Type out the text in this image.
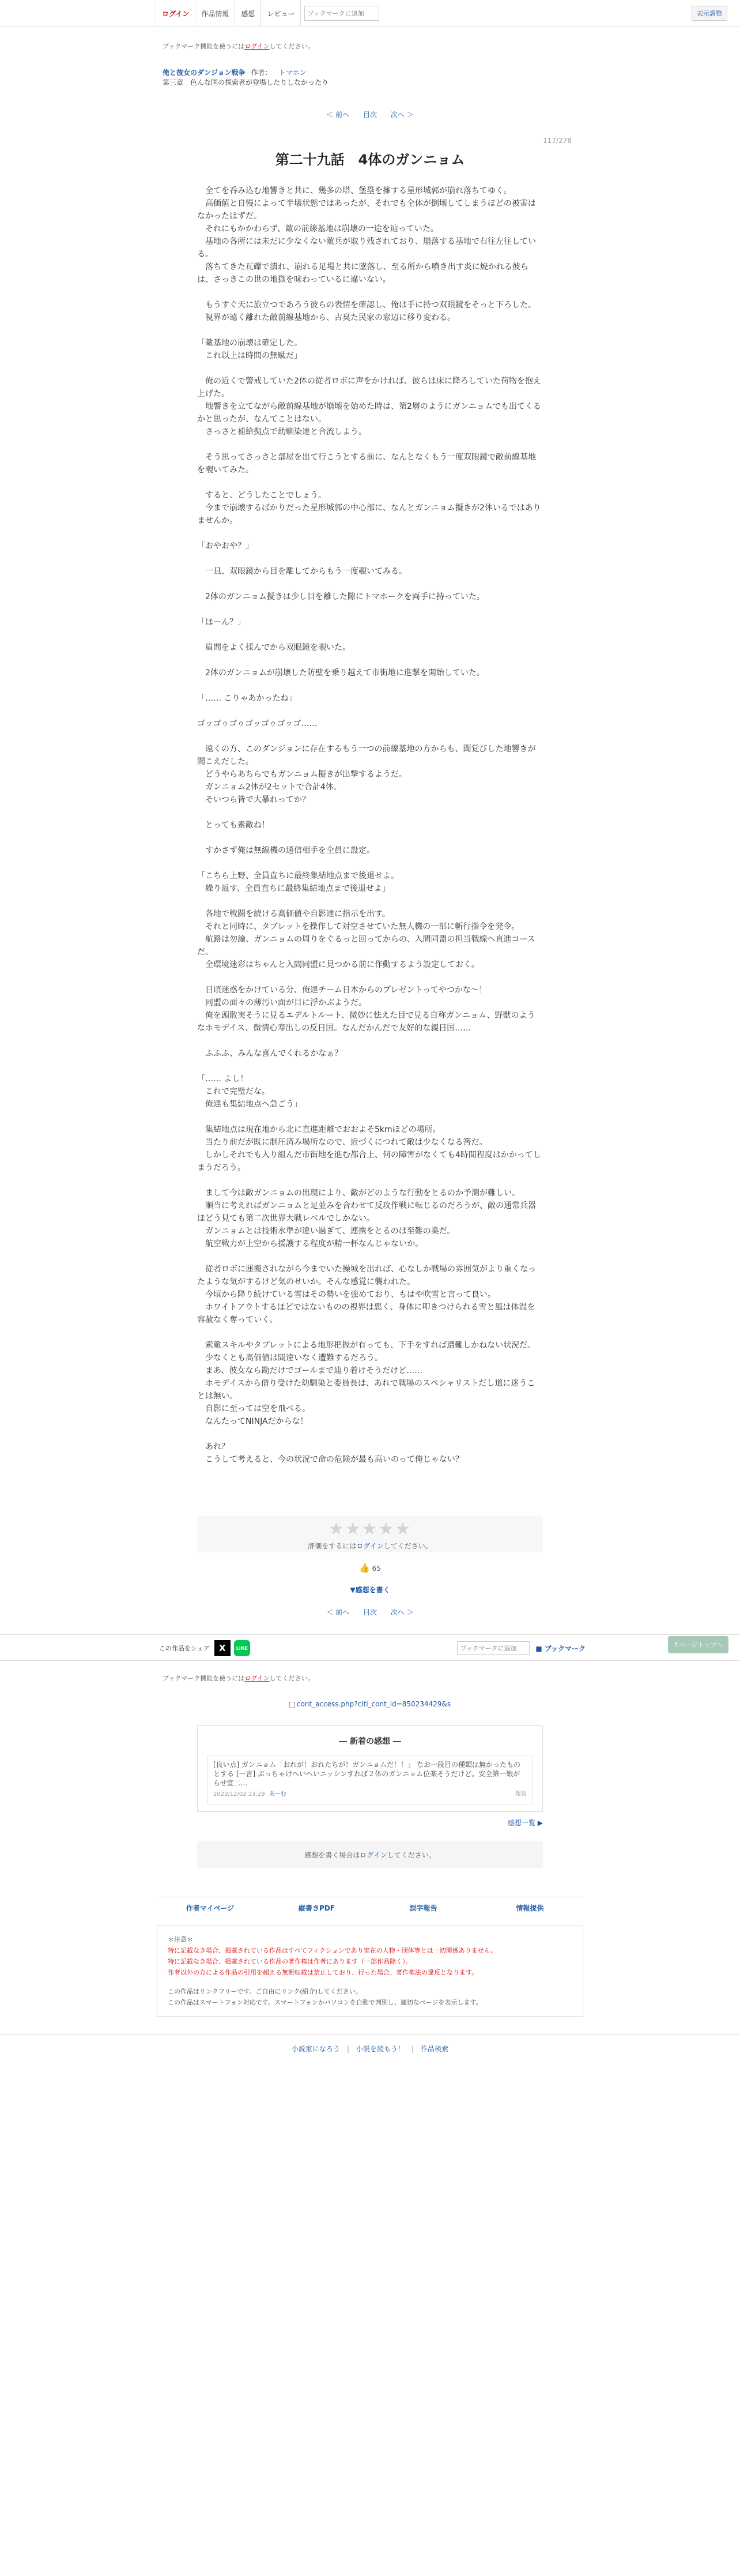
ログイン	作品情報	感想	レビュー
ブックマークに追加	表示調整
ブックマーク機能を使うにはログインしてください。
俺と彼女のダンジョン戦争 作者： トマホン
第三章　色んな国の探索者が登場したりしなかったり
＜ 前へ 目次 次へ ＞
117/278
第二十九話　4体のガンニョム

　全てを呑み込む地響きと共に、幾多の塔、堡塁を擁する星形城郭が崩れ落ちてゆく。

　高価値と自慢によって半壊状態ではあったが、それでも全体が倒壊してしまうほどの被害はなかったはずだ。

　それにもかかわらず、敵の前線基地は崩壊の一途を辿っていた。

　基地の各所には未だに少なくない敵兵が取り残されており、崩落する基地で右往左往している。

　落ちてきた瓦礫で潰れ、崩れる足場と共に墜落し、至る所から噴き出す炎に焼かれる彼らは、さっきこの世の地獄を味わっているに違いない。

　もうすぐ天に旅立つであろう彼らの表情を確認し、俺は手に持つ双眼鏡をそっと下ろした。

　視界が遠く離れた敵前線基地から、古臭た民家の窓辺に移り変わる。

「敵基地の崩壊は確定した。

　これ以上は時間の無駄だ」

　俺の近くで警戒していた2体の従者ロボに声をかければ、彼らは床に降ろしていた荷物を抱え上げた。

　地響きを立てながら敵前線基地が崩壊を始めた時は、第2層のようにガンニョムでも出てくるかと思ったが、なんてことはない。

　さっさと補給拠点で幼馴染達と合流しよう。

　そう思ってさっさと部屋を出て行こうとする前に、なんとなくもう一度双眼鏡で敵前線基地を覗いてみた。

　すると、どうしたことでしょう。

　今まで崩壊するばかりだった星形城郭の中心部に、なんとガンニョム擬きが2体いるではありませんか。

「おやおや？」

　一旦、双眼鏡から目を離してからもう一度覗いてみる。

　2体のガンニョム擬きは少し目を離した隙にトマホークを両手に持っていた。

「ほーん？」

　眉間をよく揉んでから双眼鏡を覗いた。

　2体のガンニョムが崩壊した防壁を乗り越えて市街地に進撃を開始していた。

「…… こりゃあかったね」

ゴッゴゥゴゥゴッゴゥゴッゴ……

　遠くの方、このダンジョンに存在するもう一つの前線基地の方からも、聞覚びした地響きが聞こえだした。

　どうやらあちらでもガンニョム擬きが出撃するようだ。

　ガンニョム2体が2セットで合計4体。

　そいつら皆で大暴れってか？

　とっても素敵ね！

　すかさず俺は無線機の通信相手を全員に設定。

「こちら上野、全員直ちに最終集結地点まで後退せよ。

　繰り返す、全員直ちに最終集結地点まで後退せよ」

　各地で戦闘を続ける高価値や自影達に指示を出す。

　それと同時に、タブレットを操作して対空させていた無人機の一部に斬行指令を発令。

　航路は勿論、ガンニョムの周りをぐるっと回ってからの、入間同盟の担当戦線へ直進コースだ。

　全環境迷彩はちゃんと入間同盟に見つかる前に作動するよう設定しておく。

　日頃迷惑をかけている分、俺達チーム日本からのプレゼントってやつかな～！

　同盟の面々の薄汚い面が目に浮かぶようだ。

　俺を頭散実そうに見るエデルトルート、微妙に怯えた目で見る自称ガンニョム、野獣のようなホモデイス、微情心寿出しの反日国。なんだかんだで友好的な親日国……

　ふふふ、みんな喜んでくれるかなぁ？

「…… よし！

　これで完璧だな。

　俺達も集結地点へ急ごう」

　集結地点は現在地から北に直進距離でおおよそ5kmほどの場所。

　当たり前だが既に制圧済み場所なので、近づくにつれて敵は少なくなる筈だ。

　しかしそれでも入り組んだ市街地を進む都合上、何の障害がなくても4時間程度はかかってしまうだろう。

　まして今は敵ガンニョムの出現により、敵がどのような行動をとるのか予測が難しい。

　順当に考えればガンニョムと足並みを合わせて反攻作戦に転じるのだろうが、敵の通常兵器ほどう見ても第二次世界大戦レベルでしかない。

　ガンニョムとは技術水準が違い過ぎて、連携をとるのは至難の業だ。

　航空戦力が上空から援護する程度が精一杯なんじゃないか。

　従者ロボに運搬されながら今までいた操城を出れば、心なしか戦場の雰囲気がより重くなったような気がするけど気のせいか。そんな感覚に襲われた。

　今頃から降り続けている雪はその勢いを強めており、もはや吹雪と言って良い。

　ホワイトアウトするほどではないものの視界は悪く、身体に叩きつけられる雪と風は体温を容赦なく奪っていく。

　索敵スキルやタブレットによる地形把握が有っても、下手をすれば遭難しかねない状況だ。

　少なくとも高価値は間違いなく遭難するだろう。

　まあ、彼女なら勘だけでゴールまで辿り着けそうだけど……

　ホモデイスから借り受けた幼馴染と委員長は、あれで戦場のスペシャリストだし道に迷うことは無い。

　自影に至っては空を飛べる。

　なんたってNINJAだからな！

　あれ？

　こうして考えると、今の状況で命の危険が最も高いのって俺じゃない？

★★★★★
評価をするにはログインしてください。
👍 65
▼感想を書く
＜ 前へ 目次 次へ ＞
この作品をシェア	X	LINE
ブックマークに追加	■ ブックマーク	↑ページトップへ
ブックマーク機能を使うにはログインしてください。
cont_access.php?citi_cont_id=850234429&s
― 新着の感想 ―
[良い点] ガンニョム「おれが！おれたちが！ガンニョムだ！！」 なお一段目の種類は無かったものとする [一言] ぶっちゃけへいへいニッシンすれば２体のガンニョム位楽そうだけど。安全第一娘がらせ宜二...
2023/12/02 23:29 あーむ	報報
感想一覧 ▶
感想を書く場合は ログイン してください。
作者マイページ	縦書きPDF	誤字報告	情報提供
＊注意＊
特に記載なき場合、掲載されている作品はすべてフィクションであり実在の人物・団体等とは一切関係ありません。
特に記載なき場合、掲載されている作品の著作権は作者にあります（一部作品除く）。
作者以外の方による作品の引用を超える無断転載は禁止しており、行った場合、著作権法の違反となります。
この作品はリンクフリーです。ご自由にリンク(紹介)してください。
この作品はスマートフォン対応です。スマートフォンかパソコンを自動で判別し、適切なページを表示します。
小説家になろう | 小説を読もう！ | 作品検索
